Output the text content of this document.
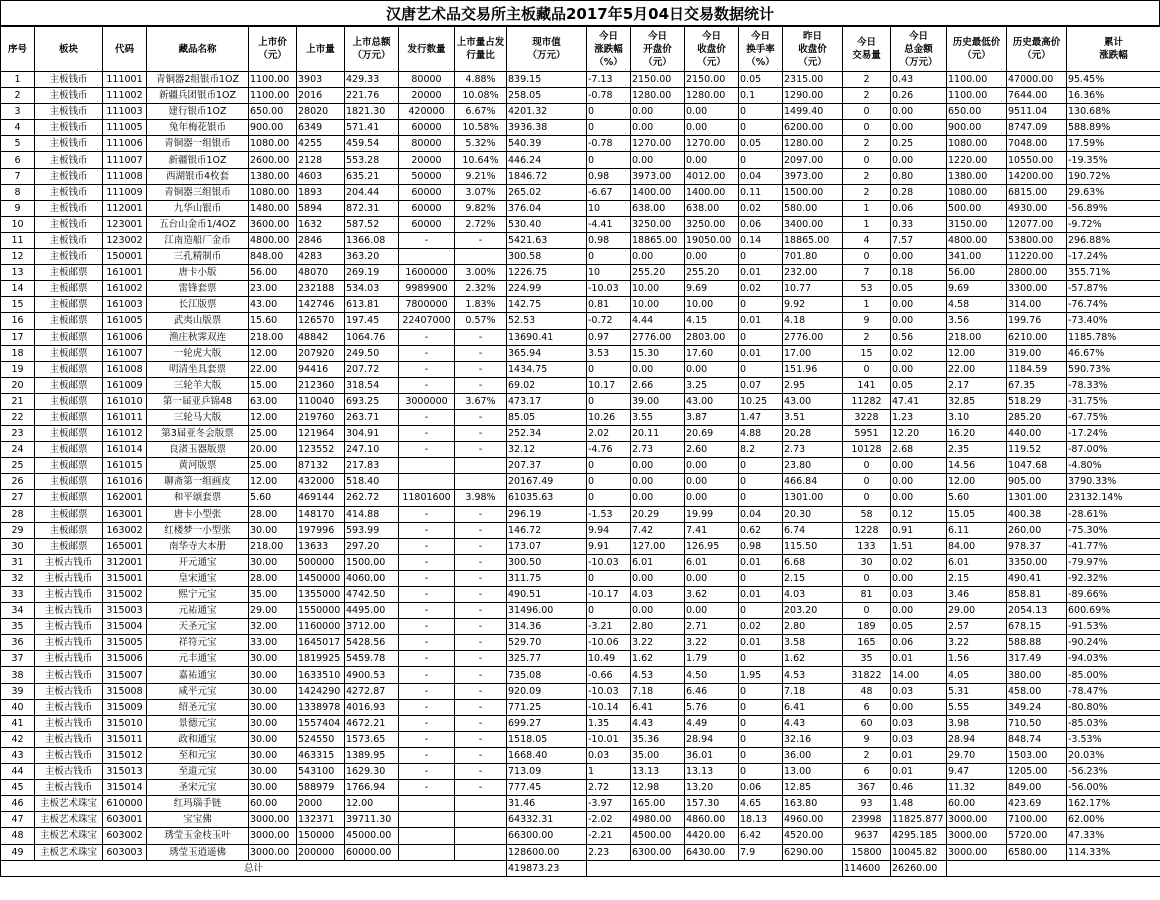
汉唐艺术品交易所主板藏品2017年5月04日交易数据统计
序号	板块	代码	藏品名称	上市价
（元）	上市量	上市总额
（万元）	发行数量	上市量占发行量比	现市值
（万元）	今日
涨跌幅
（%）	今日
开盘价
（元）	今日
收盘价
（元）	今日
换手率
（%）	昨日
收盘价
（元）	今日
交易量	今日
总金额
（万元）	历史最低价
（元）	历史最高价
（元）	累计
涨跌幅
1	主板钱币	111001	青铜器2组银币1OZ	1100.00	3903	429.33	80000	4.88%	839.15	-7.13	2150.00	2150.00	0.05	2315.00	2	0.43	1100.00	47000.00	95.45%
2	主板钱币	111002	新疆兵团银币1OZ	1100.00	2016	221.76	20000	10.08%	258.05	-0.78	1280.00	1280.00	0.1	1290.00	2	0.26	1100.00	7644.00	16.36%
3	主板钱币	111003	建行银币1OZ	650.00	28020	1821.30	420000	6.67%	4201.32	0	0.00	0.00	0	1499.40	0	0.00	650.00	9511.04	130.68%
4	主板钱币	111005	兔年梅花银币	900.00	6349	571.41	60000	10.58%	3936.38	0	0.00	0.00	0	6200.00	0	0.00	900.00	8747.09	588.89%
5	主板钱币	111006	青铜器一组银币	1080.00	4255	459.54	80000	5.32%	540.39	-0.78	1270.00	1270.00	0.05	1280.00	2	0.25	1080.00	7048.00	17.59%
6	主板钱币	111007	新疆银币1OZ	2600.00	2128	553.28	20000	10.64%	446.24	0	0.00	0.00	0	2097.00	0	0.00	1220.00	10550.00	-19.35%
7	主板钱币	111008	西湖银币4枚套	1380.00	4603	635.21	50000	9.21%	1846.72	0.98	3973.00	4012.00	0.04	3973.00	2	0.80	1380.00	14200.00	190.72%
8	主板钱币	111009	青铜器三组银币	1080.00	1893	204.44	60000	3.07%	265.02	-6.67	1400.00	1400.00	0.11	1500.00	2	0.28	1080.00	6815.00	29.63%
9	主板钱币	112001	九华山银币	1480.00	5894	872.31	60000	9.82%	376.04	10	638.00	638.00	0.02	580.00	1	0.06	500.00	4930.00	-56.89%
10	主板钱币	123001	五台山金币1/4OZ	3600.00	1632	587.52	60000	2.72%	530.40	-4.41	3250.00	3250.00	0.06	3400.00	1	0.33	3150.00	12077.00	-9.72%
11	主板钱币	123002	江南造船厂金币	4800.00	2846	1366.08	-	-	5421.63	0.98	18865.00	19050.00	0.14	18865.00	4	7.57	4800.00	53800.00	296.88%
12	主板钱币	150001	三孔精制币	848.00	4283	363.20			300.58	0	0.00	0.00	0	701.80	0	0.00	341.00	11220.00	-17.24%
13	主板邮票	161001	唐卡小版	56.00	48070	269.19	1600000	3.00%	1226.75	10	255.20	255.20	0.01	232.00	7	0.18	56.00	2800.00	355.71%
14	主板邮票	161002	雷锋套票	23.00	232188	534.03	9989900	2.32%	224.99	-10.03	10.00	9.69	0.02	10.77	53	0.05	9.69	3300.00	-57.87%
15	主板邮票	161003	长江版票	43.00	142746	613.81	7800000	1.83%	142.75	0.81	10.00	10.00	0	9.92	1	0.00	4.58	314.00	-76.74%
16	主板邮票	161005	武夷山版票	15.60	126570	197.45	22407000	0.57%	52.53	-0.72	4.44	4.15	0.01	4.18	9	0.00	3.56	199.76	-73.40%
17	主板邮票	161006	渔庄秋霁双连	218.00	48842	1064.76	-	-	13690.41	0.97	2776.00	2803.00	0	2776.00	2	0.56	218.00	6210.00	1185.78%
18	主板邮票	161007	一轮虎大版	12.00	207920	249.50	-	-	365.94	3.53	15.30	17.60	0.01	17.00	15	0.02	12.00	319.00	46.67%
19	主板邮票	161008	明清坐具套票	22.00	94416	207.72	-	-	1434.75	0	0.00	0.00	0	151.96	0	0.00	22.00	1184.59	590.73%
20	主板邮票	161009	三轮羊大版	15.00	212360	318.54	-	-	69.02	10.17	2.66	3.25	0.07	2.95	141	0.05	2.17	67.35	-78.33%
21	主板邮票	161010	第一届亚乒锦48	63.00	110040	693.25	3000000	3.67%	473.17	0	39.00	43.00	10.25	43.00	11282	47.41	32.85	518.29	-31.75%
22	主板邮票	161011	三轮马大版	12.00	219760	263.71	-	-	85.05	10.26	3.55	3.87	1.47	3.51	3228	1.23	3.10	285.20	-67.75%
23	主板邮票	161012	第3届亚冬会版票	25.00	121964	304.91	-	-	252.34	2.02	20.11	20.69	4.88	20.28	5951	12.20	16.20	440.00	-17.24%
24	主板邮票	161014	良渚玉器版票	20.00	123552	247.10	-	-	32.12	-4.76	2.73	2.60	8.2	2.73	10128	2.68	2.35	119.52	-87.00%
25	主板邮票	161015	黄河版票	25.00	87132	217.83			207.37	0	0.00	0.00	0	23.80	0	0.00	14.56	1047.68	-4.80%
26	主板邮票	161016	聊斋第一组画皮	12.00	432000	518.40			20167.49	0	0.00	0.00	0	466.84	0	0.00	12.00	905.00	3790.33%
27	主板邮票	162001	和平颂套票	5.60	469144	262.72	11801600	3.98%	61035.63	0	0.00	0.00	0	1301.00	0	0.00	5.60	1301.00	23132.14%
28	主板邮票	163001	唐卡小型张	28.00	148170	414.88	-	-	296.19	-1.53	20.29	19.99	0.04	20.30	58	0.12	15.05	400.38	-28.61%
29	主板邮票	163002	红楼梦一小型张	30.00	197996	593.99	-	-	146.72	9.94	7.42	7.41	0.62	6.74	1228	0.91	6.11	260.00	-75.30%
30	主板邮票	165001	南华寺大本册	218.00	13633	297.20	-	-	173.07	9.91	127.00	126.95	0.98	115.50	133	1.51	84.00	978.37	-41.77%
31	主板古钱币	312001	开元通宝	30.00	500000	1500.00	-	-	300.50	-10.03	6.01	6.01	0.01	6.68	30	0.02	6.01	3350.00	-79.97%
32	主板古钱币	315001	皇宋通宝	28.00	1450000	4060.00	-	-	311.75	0	0.00	0.00	0	2.15	0	0.00	2.15	490.41	-92.32%
33	主板古钱币	315002	熙宁元宝	35.00	1355000	4742.50	-	-	490.51	-10.17	4.03	3.62	0.01	4.03	81	0.03	3.46	858.81	-89.66%
34	主板古钱币	315003	元祐通宝	29.00	1550000	4495.00	-	-	31496.00	0	0.00	0.00	0	203.20	0	0.00	29.00	2054.13	600.69%
35	主板古钱币	315004	天圣元宝	32.00	1160000	3712.00	-	-	314.36	-3.21	2.80	2.71	0.02	2.80	189	0.05	2.57	678.15	-91.53%
36	主板古钱币	315005	祥符元宝	33.00	1645017	5428.56	-	-	529.70	-10.06	3.22	3.22	0.01	3.58	165	0.06	3.22	588.88	-90.24%
37	主板古钱币	315006	元丰通宝	30.00	1819925	5459.78	-	-	325.77	10.49	1.62	1.79	0	1.62	35	0.01	1.56	317.49	-94.03%
38	主板古钱币	315007	嘉祐通宝	30.00	1633510	4900.53	-	-	735.08	-0.66	4.53	4.50	1.95	4.53	31822	14.00	4.05	380.00	-85.00%
39	主板古钱币	315008	咸平元宝	30.00	1424290	4272.87	-	-	920.09	-10.03	7.18	6.46	0	7.18	48	0.03	5.31	458.00	-78.47%
40	主板古钱币	315009	绍圣元宝	30.00	1338978	4016.93	-	-	771.25	-10.14	6.41	5.76	0	6.41	6	0.00	5.55	349.24	-80.80%
41	主板古钱币	315010	景德元宝	30.00	1557404	4672.21	-	-	699.27	1.35	4.43	4.49	0	4.43	60	0.03	3.98	710.50	-85.03%
42	主板古钱币	315011	政和通宝	30.00	524550	1573.65	-	-	1518.05	-10.01	35.36	28.94	0	32.16	9	0.03	28.94	848.74	-3.53%
43	主板古钱币	315012	至和元宝	30.00	463315	1389.95	-	-	1668.40	0.03	35.00	36.01	0	36.00	2	0.01	29.70	1503.00	20.03%
44	主板古钱币	315013	至道元宝	30.00	543100	1629.30	-	-	713.09	1	13.13	13.13	0	13.00	6	0.01	9.47	1205.00	-56.23%
45	主板古钱币	315014	圣宋元宝	30.00	588979	1766.94	-	-	777.45	2.72	12.98	13.20	0.06	12.85	367	0.46	11.32	849.00	-56.00%
46	主板艺术珠宝	610000	红玛瑙手链	60.00	2000	12.00			31.46	-3.97	165.00	157.30	4.65	163.80	93	1.48	60.00	423.69	162.17%
47	主板艺术珠宝	603001	宝宝佛	3000.00	132371	39711.30			64332.31	-2.02	4980.00	4860.00	18.13	4960.00	23998	11825.877	3000.00	7100.00	62.00%
48	主板艺术珠宝	603002	琇莹玉金枝玉叶	3000.00	150000	45000.00			66300.00	-2.21	4500.00	4420.00	6.42	4520.00	9637	4295.185	3000.00	5720.00	47.33%
49	主板艺术珠宝	603003	琇莹玉逍遥佛	3000.00	200000	60000.00			128600.00	2.23	6300.00	6430.00	7.9	6290.00	15800	10045.82	3000.00	6580.00	114.33%
总计									419873.23						114600	26260.00			
